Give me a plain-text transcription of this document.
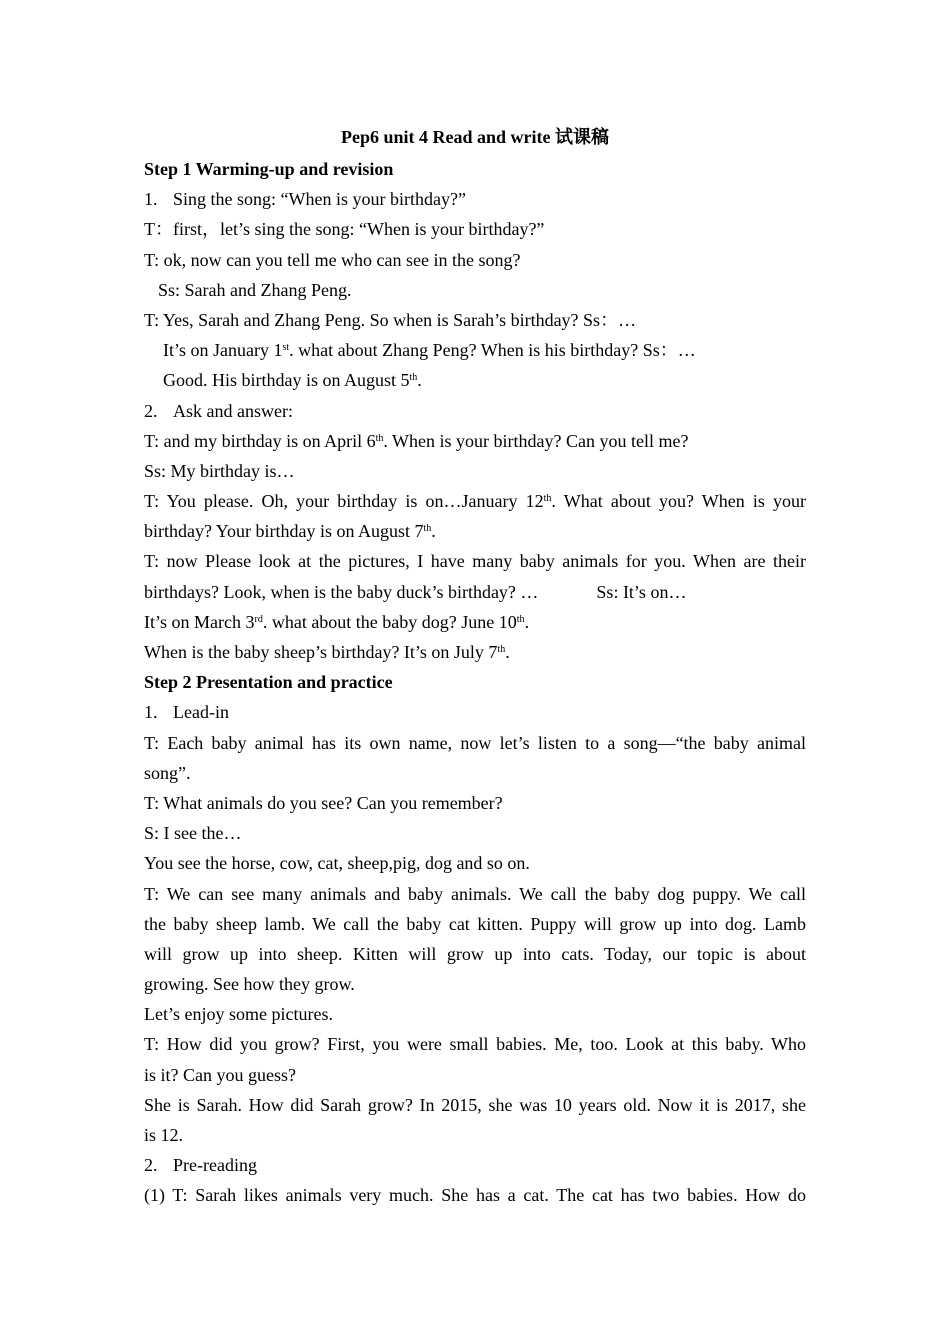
Pep6 unit 4 Read and write 试课稿
Step 1 Warming-up and revision
1. Sing the song: “When is your birthday?”
T：first，let’s sing the song: “When is your birthday?”
T: ok, now can you tell me who can see in the song?
Ss: Sarah and Zhang Peng.
T: Yes, Sarah and Zhang Peng. So when is Sarah’s birthday? Ss：…
It’s on January 1st. what about Zhang Peng? When is his birthday? Ss：…
Good. His birthday is on August 5th.
2. Ask and answer:
T: and my birthday is on April 6th. When is your birthday? Can you tell me?
Ss: My birthday is…
T: You please. Oh, your birthday is on…January 12th. What about you? When is your
birthday? Your birthday is on August 7th.
T: now Please look at the pictures, I have many baby animals for you. When are their
birthdays? Look, when is the baby duck’s birthday? …	Ss: It’s on…
It’s on March 3rd. what about the baby dog? June 10th.
When is the baby sheep’s birthday? It’s on July 7th.
Step 2 Presentation and practice
1. Lead-in
T: Each baby animal has its own name, now let’s listen to a song—“the baby animal
song”.
T: What animals do you see? Can you remember?
S: I see the…
You see the horse, cow, cat, sheep,pig, dog and so on.
T: We can see many animals and baby animals. We call the baby dog puppy. We call
the baby sheep lamb. We call the baby cat kitten. Puppy will grow up into dog. Lamb
will grow up into sheep. Kitten will grow up into cats. Today, our topic is about
growing. See how they grow.
Let’s enjoy some pictures.
T: How did you grow? First, you were small babies. Me, too. Look at this baby. Who
is it? Can you guess?
She is Sarah. How did Sarah grow? In 2015, she was 10 years old. Now it is 2017, she
is 12.
2. Pre-reading
(1) T: Sarah likes animals very much. She has a cat. The cat has two babies. How do
